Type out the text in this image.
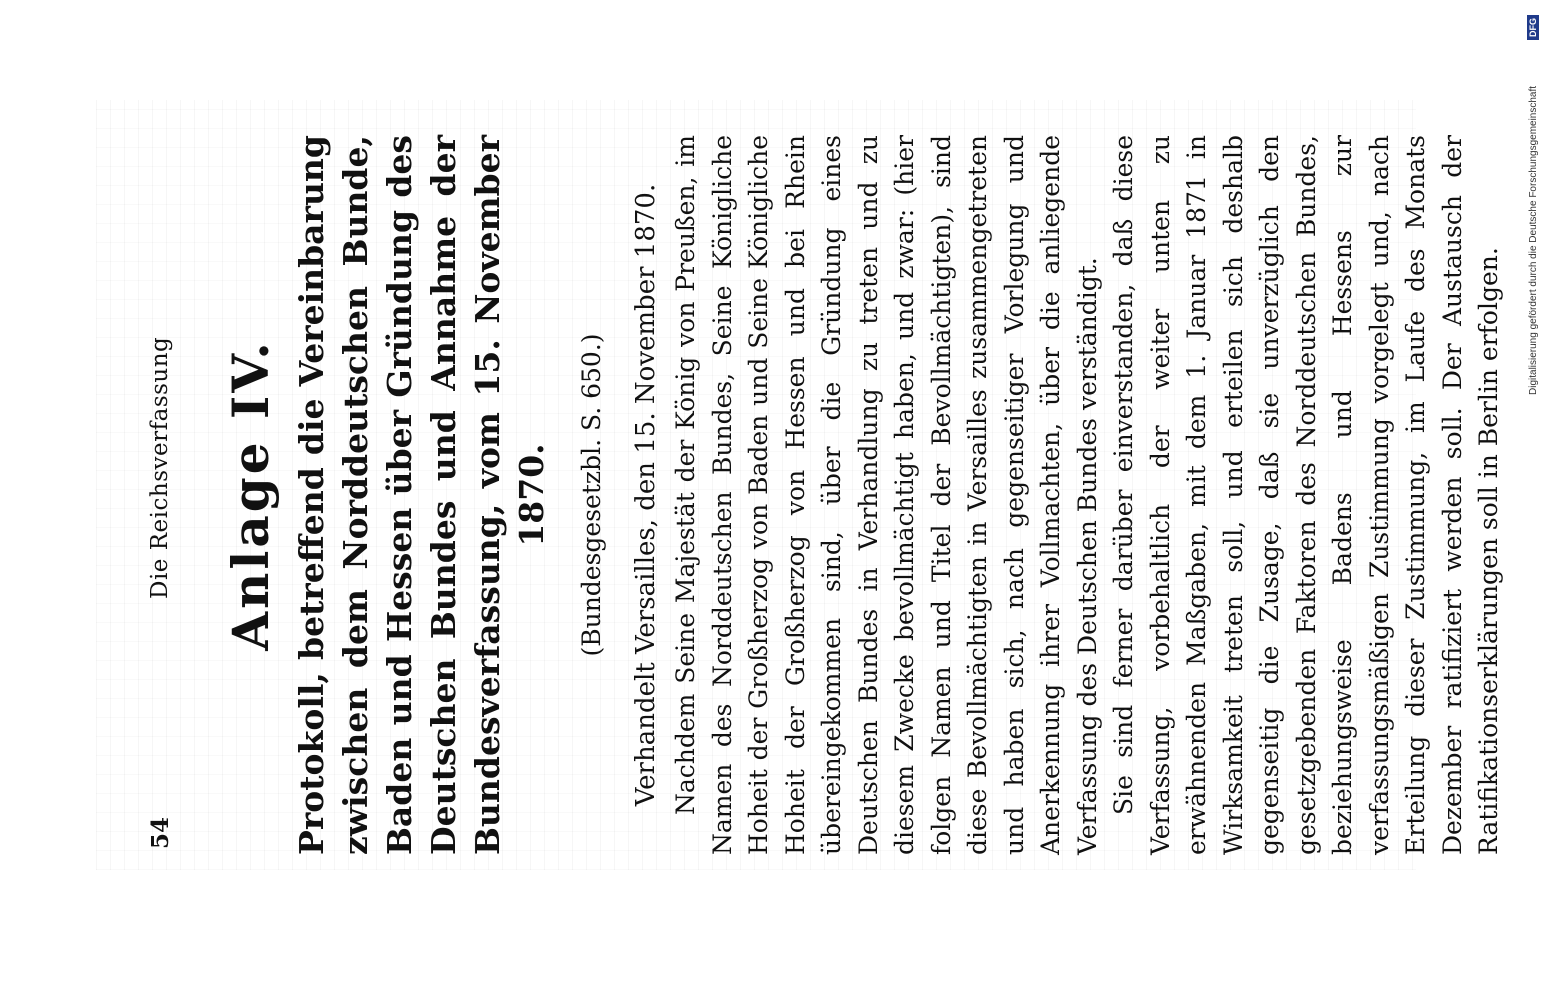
54
Die Reichsverfassung Anlage IV. Protokoll, betreffend die Vereinbarung zwischen dem Norddeutschen Bunde, Baden und Hessen über Gründung des Deutschen Bundes und Annahme der Bundesverfassung, vom 15. November 1870. (Bundesgesetzbl. S. 650.) Verhandelt Versailles, den 15. November 1870. Nachdem Seine Majestät der König von Preußen, im Namen des Norddeutschen Bundes, Seine Königliche Hoheit der Großherzog von Baden und Seine Königliche Hoheit der Großherzog von Hessen und bei Rhein übereingekommen sind, über die Gründung eines Deutschen Bundes in Verhandlung zu treten und zu diesem Zwecke bevollmächtigt haben, und zwar: (hier folgen Namen und Titel der Bevollmächtigten), sind diese Bevollmächtigten in Versailles zusammengetreten und haben sich, nach gegenseitiger Vorlegung und Anerkennung ihrer Vollmachten, über die anliegende Verfassung des Deutschen Bundes verständigt. Sie sind ferner darüber einverstanden, daß diese Verfassung, vorbehaltlich der weiter unten zu erwähnenden Maßgaben, mit dem 1. Januar 1871 in Wirksamkeit treten soll, und erteilen sich deshalb gegenseitig die Zusage, daß sie unverzüglich den gesetzgebenden Faktoren des Norddeutschen Bundes, beziehungsweise Badens und Hessens zur verfassungsmäßigen Zustimmung vorgelegt und, nach Erteilung dieser Zustimmung, im Laufe des Monats Dezember ratifiziert werden soll. Der Austausch der Ratifikationserklärungen soll in Berlin erfolgen.

Digitalisierung gefördert durch die Deutsche Forschungsgemeinschaft
DFG
